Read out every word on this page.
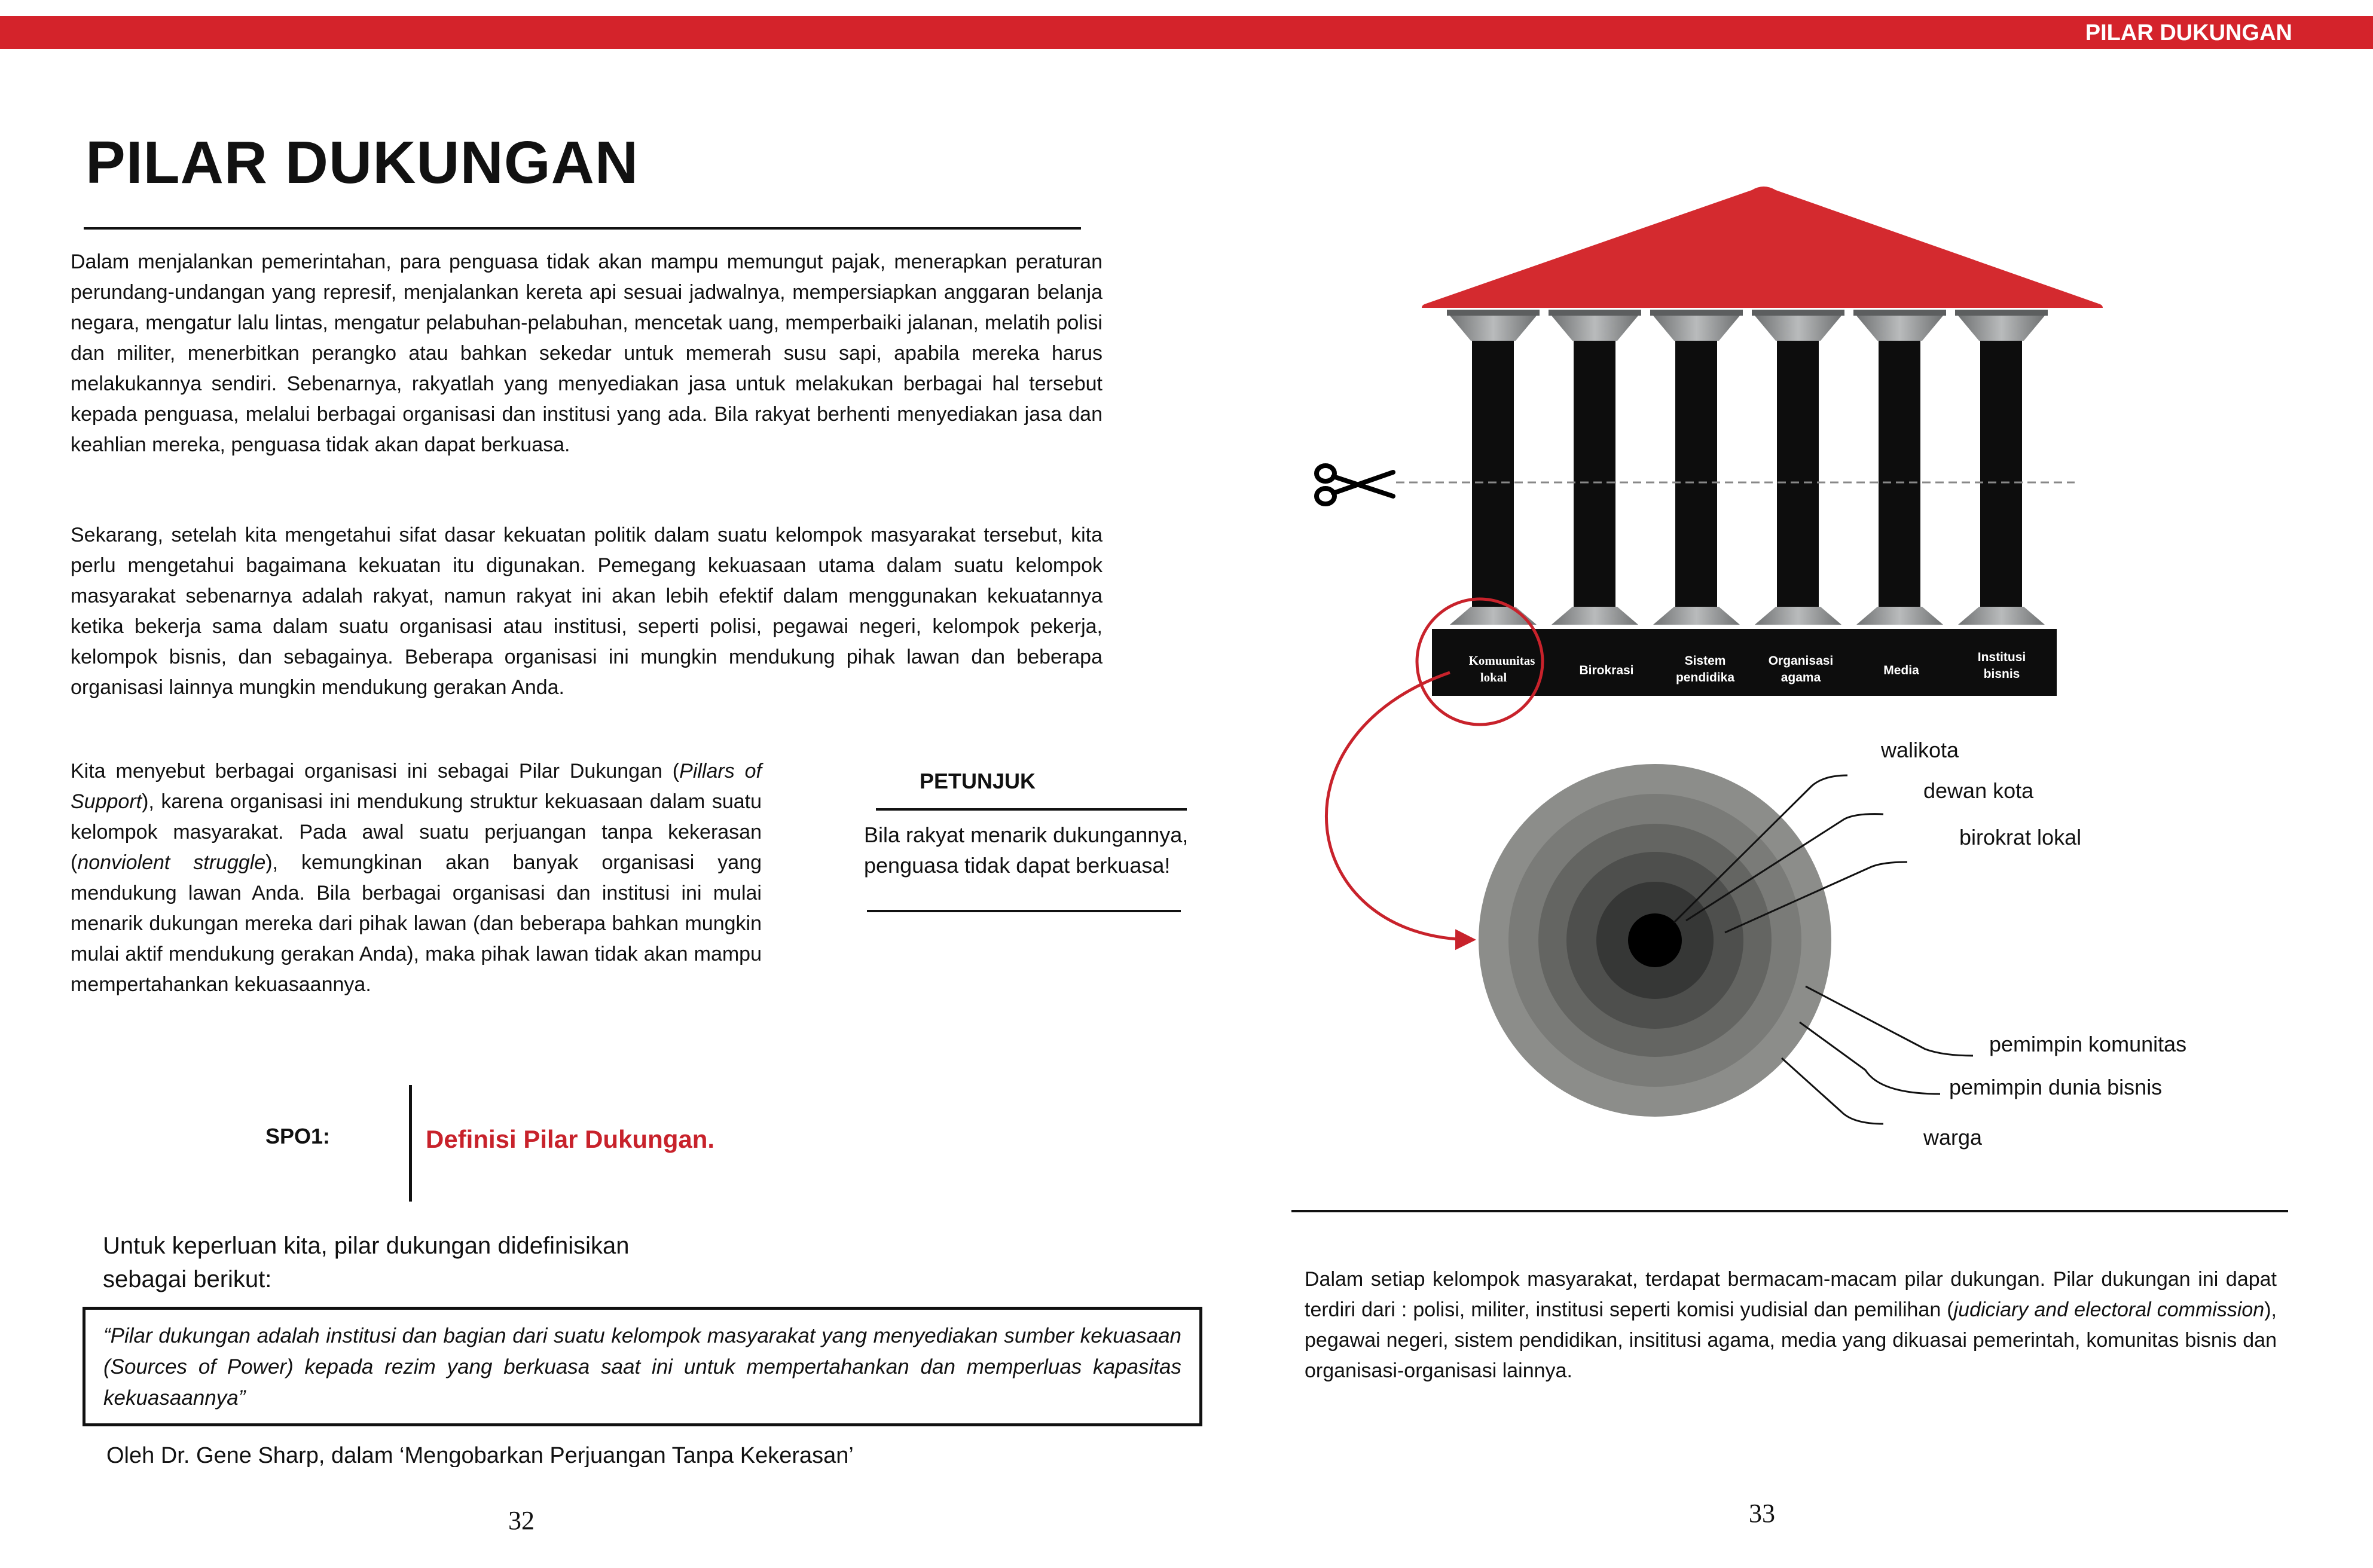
PILAR DUKUNGAN
PILAR DUKUNGAN
Dalam menjalankan pemerintahan, para penguasa tidak akan mampu memungut pajak, menerapkan peraturan perundang-undangan yang represif, menjalankan kereta api sesuai jadwalnya, mempersiapkan anggaran belanja negara, mengatur lalu lintas, mengatur pelabuhan-pelabuhan, mencetak uang, memperbaiki jalanan, melatih polisi dan militer, menerbitkan perangko atau bahkan sekedar untuk memerah susu sapi, apabila mereka harus melakukannya sendiri. Sebenarnya, rakyatlah yang menyediakan jasa untuk melakukan berbagai hal tersebut kepada penguasa, melalui berbagai organisasi dan institusi yang ada. Bila rakyat berhenti menyediakan jasa dan keahlian mereka, penguasa tidak akan dapat berkuasa.
Sekarang, setelah kita mengetahui sifat dasar kekuatan politik dalam suatu kelompok masyarakat tersebut, kita perlu mengetahui bagaimana kekuatan itu digunakan. Pemegang kekuasaan utama dalam suatu kelompok masyarakat sebenarnya adalah rakyat, namun rakyat ini akan lebih efektif dalam menggunakan kekuatannya ketika bekerja sama dalam suatu organisasi atau institusi, seperti polisi, pegawai negeri, kelompok pekerja, kelompok bisnis, dan sebagainya. Beberapa organisasi ini mungkin mendukung pihak lawan dan beberapa organisasi lainnya mungkin mendukung gerakan Anda.
Kita menyebut berbagai organisasi ini sebagai Pilar Dukungan (Pillars of Support), karena organisasi ini mendukung struktur kekuasaan dalam suatu kelompok masyarakat. Pada awal suatu perjuangan tanpa kekerasan (nonviolent struggle), kemungkinan akan banyak organisasi yang mendukung lawan Anda. Bila berbagai organisasi dan institusi ini mulai menarik dukungan mereka dari pihak lawan (dan beberapa bahkan mungkin mulai aktif mendukung gerakan Anda), maka pihak lawan tidak akan mampu mempertahankan kekuasaannya.
PETUNJUK
Bila rakyat menarik dukungannya, penguasa tidak dapat berkuasa!
SPO1:	Definisi Pilar Dukungan.
Untuk keperluan kita, pilar dukungan didefinisikan sebagai berikut:
“Pilar dukungan adalah institusi dan bagian dari suatu kelompok masyarakat yang menyediakan sumber kekuasaan (Sources of Power) kepada rezim yang berkuasa saat ini untuk mempertahankan dan memperluas kapasitas kekuasaannya”
Oleh Dr. Gene Sharp, dalam ‘Mengobarkan Perjuangan Tanpa Kekerasan’
32
Komuunitas
lokal	Birokrasi
Sistem
pendidika
Organisasi
agama
Media
Institusi
bisnis
walikota
dewan kota
birokrat lokal
pemimpin komunitas
pemimpin dunia bisnis
warga
Dalam setiap kelompok masyarakat, terdapat bermacam-macam pilar dukungan. Pilar dukungan ini dapat terdiri dari : polisi, militer, institusi seperti komisi yudisial dan pemilihan (judiciary and electoral commission), pegawai negeri, sistem pendidikan, insititusi agama, media yang dikuasai pemerintah, komunitas bisnis dan organisasi-organisasi lainnya.
33
